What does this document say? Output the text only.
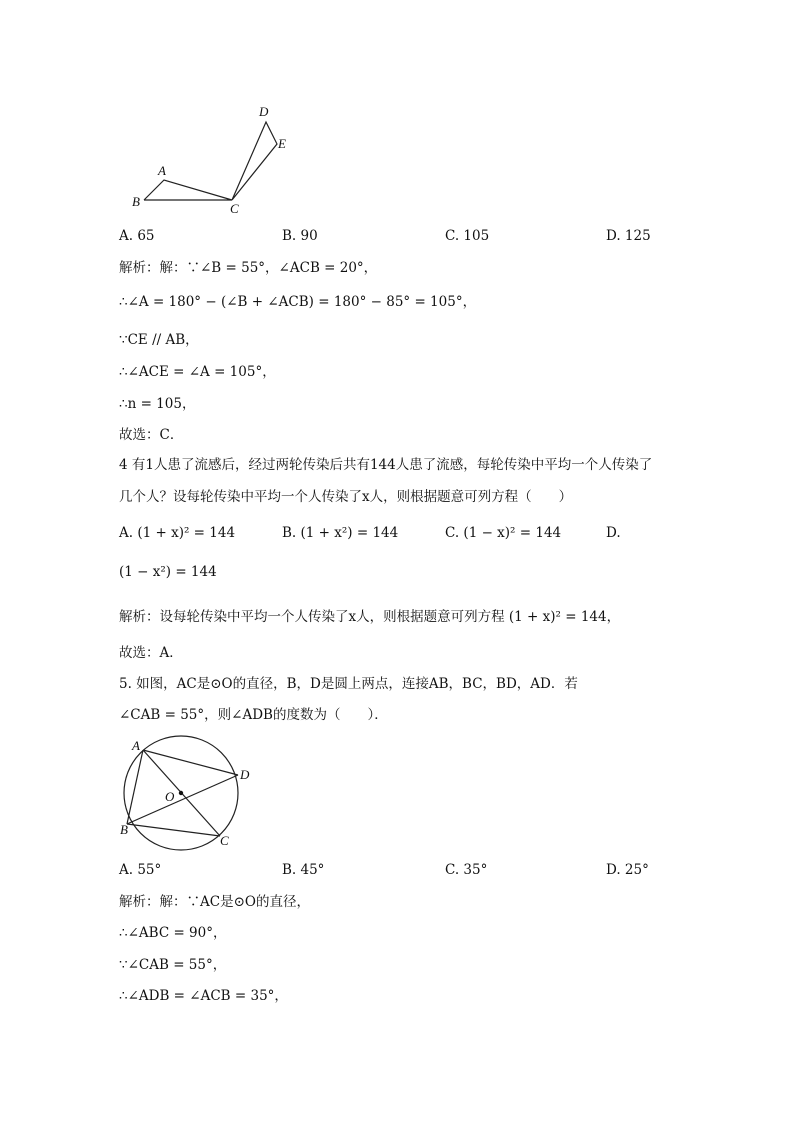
A
B	C
D
E
A. 65	B. 90	C. 105	D. 125
解析：解：∵∠B = 55°，∠ACB = 20°，
∴∠A = 180° − (∠B + ∠ACB) = 180° − 85° = 105°，
∵CE // AB，
∴∠ACE = ∠A = 105°，
∴n = 105，
故选：C．
4 有1人患了流感后，经过两轮传染后共有144人患了流感，每轮传染中平均一个人传染了
几个人？设每轮传染中平均一个人传染了x人，则根据题意可列方程（　　）
A. (1 + x)² = 144	B. (1 + x²) = 144	C. (1 − x)² = 144	D.
(1 − x²) = 144
解析：设每轮传染中平均一个人传染了x人，则根据题意可列方程 (1 + x)² = 144，
故选：A．
5. 如图，AC是⊙O的直径，B，D是圆上两点，连接AB，BC，BD，AD．若
∠CAB = 55°，则∠ADB的度数为（　　）．
A
B
C
D
O
A. 55°	B. 45°	C. 35°	D. 25°
解析：解：∵AC是⊙O的直径，
∴∠ABC = 90°，
∵∠CAB = 55°，
∴∠ADB = ∠ACB = 35°，
